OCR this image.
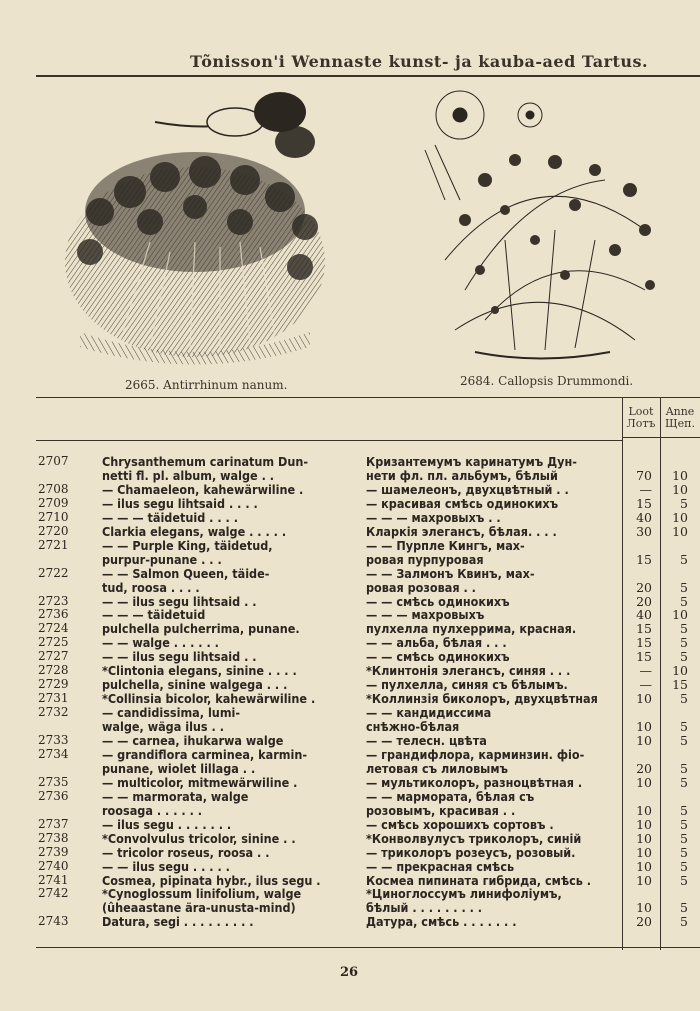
Tõnisson'i Wennaste kunst- ja kauba-aed Tartus.
2665. Antirrhinum nanum.	2684. Callopsis Drummondi.
Loot
Лотъ
Anne
Щеп.
2707	Chrysanthemum carinatum Dun-	Кризантемумъ каринатумъ Дун-
netti fl. pl. album, walge . .	нети фл. пл. альбумъ, бѣлый	70	10
2708	— Chamaeleon, kahewärwiline .	— шамелеонъ, двухцвѣтный . .	—	10
2709	— ilus segu lihtsaid . . . .	— красивая смѣсь одинокихъ	15	5
2710	— — — täidetuid . . . .	— — — махровыхъ . .	40	10
2720	Clarkia elegans, walge . . . . .	Кларкія элегансъ, бѣлая. . . .	30	10
2721	— — Purple King, täidetud,	— — Пурпле Кингъ, мах-
purpur-punane . . .	ровая пурпуровая	15	5
2722	— — Salmon Queen, täide-	— — Залмонъ Квинъ, мах-
tud, roosa . . . .	ровая розовая . .	20	5
2723	— — ilus segu lihtsaid . .	— — смѣсь одинокихъ	20	5
2736	— — — täidetuid	— — — махровыхъ	40	10
2724	pulchella pulcherrima, punane.	пулхелла пулхеррима, красная.	15	5
2725	— — walge . . . . . .	— — альба, бѣлая . . .	15	5
2727	— — ilus segu lihtsaid . .	— — смѣсь одинокихъ	15	5
2728	*Clintonia elegans, sinine . . . .	*Клинтонія элегансъ, синяя . . .	—	10
2729	pulchella, sinine walgega . . .	— пулхелла, синяя съ бѣлымъ.	—	15
2731	*Collinsia bicolor, kahewärwiline .	*Коллинзія биколоръ, двухцвѣтная	10	5
2732	— candidissima, lumi-	— — кандидиссима
walge, wäga ilus . .	снѣжно-бѣлая	10	5
2733	— — carnea, ihukarwa walge	— — телесн. цвѣта	10	5
2734	— grandiflora carminea, karmin-	— грандифлора, карминзин. фіо-
punane, wiolet lillaga . .	летовая съ лиловымъ	20	5
2735	— multicolor, mitmewärwiline .	— мультиколоръ, разноцвѣтная .	10	5
2736	— — marmorata, walge	— — мармората, бѣлая съ
roosaga . . . . . .	розовымъ, красивая . .	10	5
2737	— ilus segu . . . . . . .	— смѣсь хорошихъ сортовъ .	10	5
2738	*Convolvulus tricolor, sinine . .	*Конволвулусъ триколоръ, синій	10	5
2739	— tricolor roseus, roosa . .	— триколоръ розеусъ, розовый.	10	5
2740	— — ilus segu . . . . .	— — прекрасная смѣсь	10	5
2741	Cosmea, pipinata hybr., ilus segu .	Космеа пипината гибрида, смѣсь .	10	5
2742	*Cynoglossum linifolium, walge	*Циноглоссумъ линифоліумъ,
(ûheaastane ära-unusta-mind)	бѣлый . . . . . . . . .	10	5
2743	Datura, segi . . . . . . . . .	Датура, смѣсь . . . . . . .	20	5
26
